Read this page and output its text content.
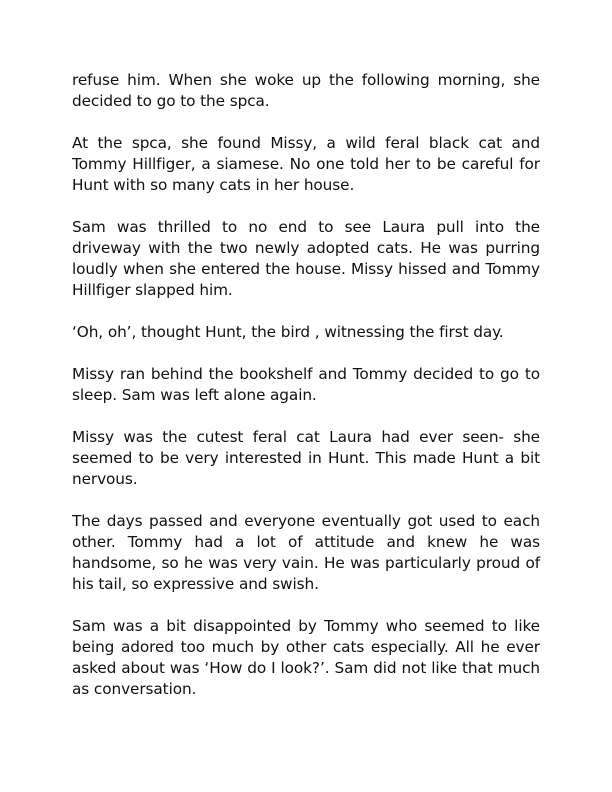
refuse him. When she woke up the following morning, she decided to go to the spca.

At the spca, she found Missy, a wild feral black cat and Tommy Hillfiger, a siamese. No one told her to be careful for Hunt with so many cats in her house.

Sam was thrilled to no end to see Laura pull into the driveway with the two newly adopted cats. He was purring loudly when she entered the house. Missy hissed and Tommy Hillfiger slapped him.

‘Oh, oh’, thought Hunt, the bird , witnessing the first day.

Missy ran behind the bookshelf and Tommy decided to go to sleep. Sam was left alone again.

Missy was the cutest feral cat Laura had ever seen- she seemed to be very interested in Hunt. This made Hunt a bit nervous.

The days passed and everyone eventually got used to each other. Tommy had a lot of attitude and knew he was handsome, so he was very vain. He was particularly proud of his tail, so expressive and swish.

Sam was a bit disappointed by Tommy who seemed to like being adored too much by other cats especially. All he ever asked about was ‘How do I look?’. Sam did not like that much as conversation.
